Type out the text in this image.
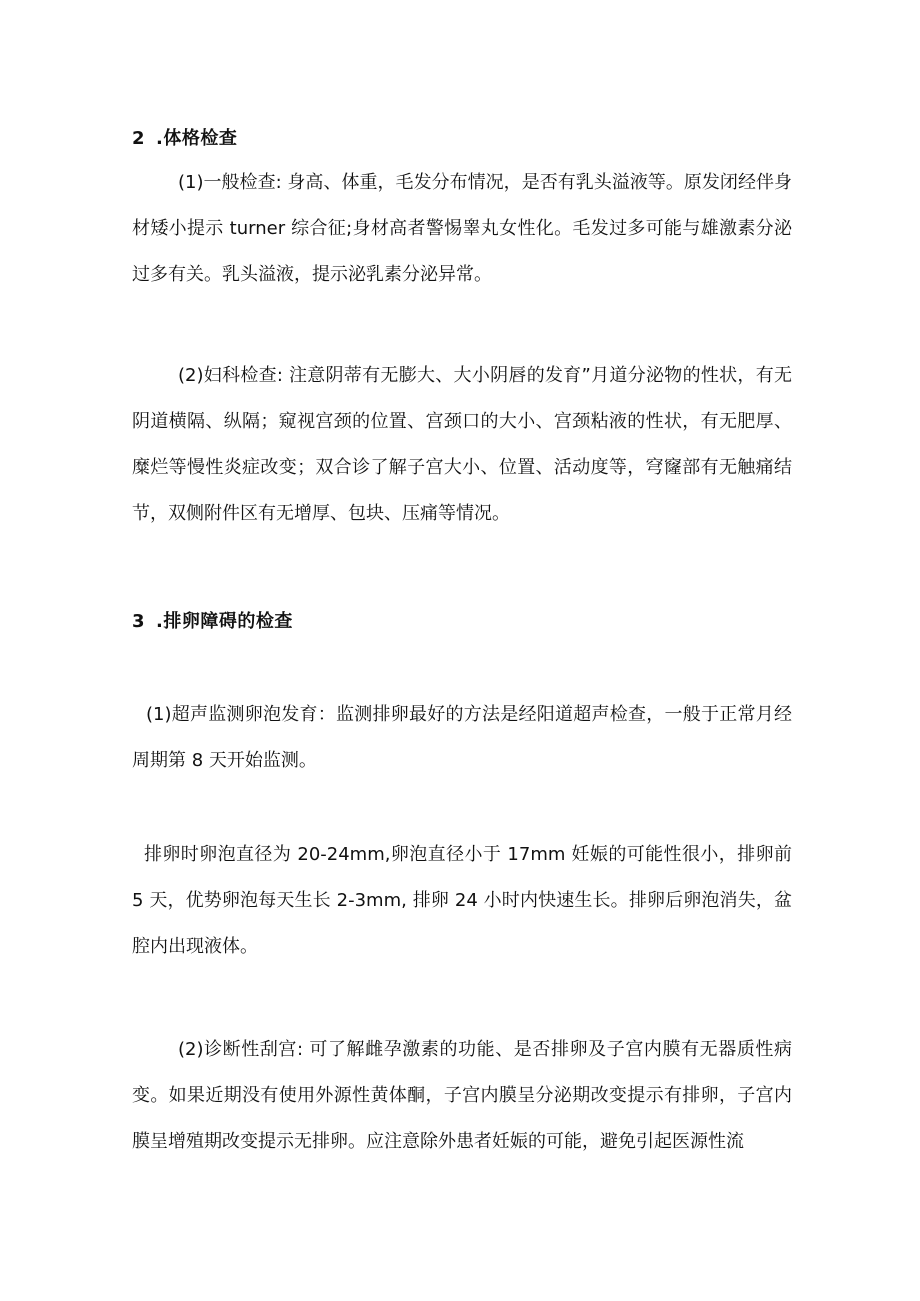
2 .体格检查
(1)一般检查: 身高、体重，毛发分布情况，是否有乳头溢液等。原发闭经伴身材矮小提示 turner 综合征;身材高者警惕睾丸女性化。毛发过多可能与雄激素分泌过多有关。乳头溢液，提示泌乳素分泌异常。
(2)妇科检查: 注意阴蒂有无膨大、大小阴唇的发育”月道分泌物的性状，有无阴道横隔、纵隔；窥视宫颈的位置、宫颈口的大小、宫颈粘液的性状，有无肥厚、糜烂等慢性炎症改变；双合诊了解子宫大小、位置、活动度等，穹窿部有无触痛结节，双侧附件区有无增厚、包块、压痛等情况。
3 .排卵障碍的检查
(1)超声监测卵泡发育：监测排卵最好的方法是经阳道超声检查，一般于正常月经周期第 8 天开始监测。
排卵时卵泡直径为 20-24mm,卵泡直径小于 17mm 妊娠的可能性很小，排卵前 5 天，优势卵泡每天生长 2-3mm, 排卵 24 小时内快速生长。排卵后卵泡消失，盆腔内出现液体。
(2)诊断性刮宫: 可了解雌孕激素的功能、是否排卵及子宫内膜有无器质性病变。如果近期没有使用外源性黄体酮，子宫内膜呈分泌期改变提示有排卵，子宫内膜呈增殖期改变提示无排卵。应注意除外患者妊娠的可能，避免引起医源性流
